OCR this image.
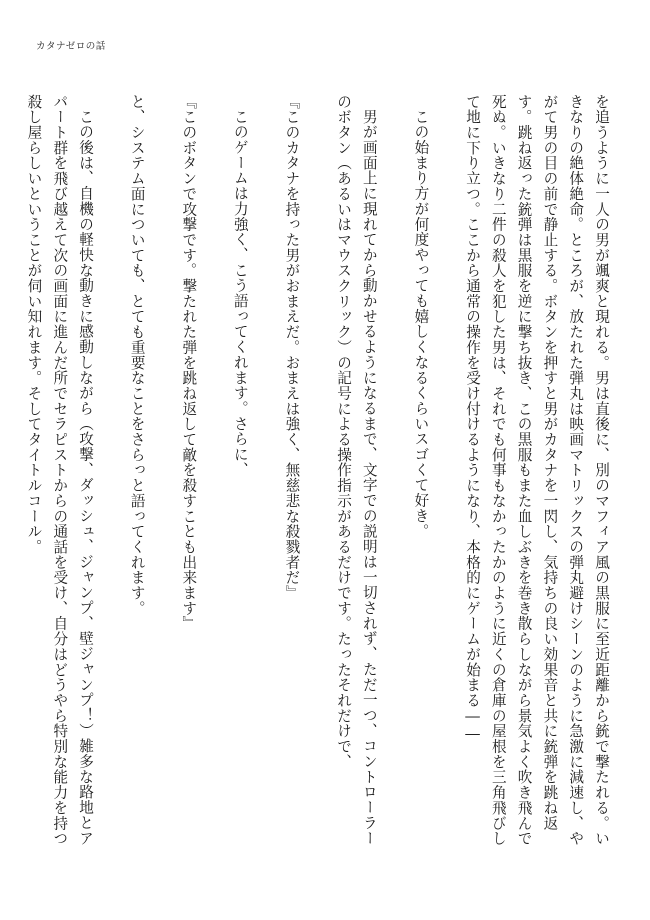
カタナゼロの話

を追うように一人の男が颯爽と現れる。男は直後に、別のマフィア風の黒服に至近距離から銃で撃たれる。いきなりの絶体絶命。ところが、放たれた弾丸は映画マトリックスの弾丸避けシーンのように急激に減速し、やがて男の目の前で静止する。ボタンを押すと男がカタナを一閃し、気持ちの良い効果音と共に銃弾を跳ね返す。跳ね返った銃弾は黒服を逆に撃ち抜き、この黒服もまた血しぶきを巻き散らしながら景気よく吹き飛んで死ぬ。いきなり二件の殺人を犯した男は、それでも何事もなかったかのように近くの倉庫の屋根を三角飛びして地に下り立つ。ここから通常の操作を受け付けるようになり、本格的にゲームが始まる――

この始まり方が何度やっても嬉しくなるくらいスゴくて好き。

男が画面上に現れてから動かせるようになるまで、文字での説明は一切されず、ただ一つ、コントローラーのボタン（あるいはマウスクリック）の記号による操作指示があるだけです。たったそれだけで、

『このカタナを持った男がおまえだ。おまえは強く、無慈悲な殺戮者だ』

このゲームは力強く、こう語ってくれます。さらに、

『このボタンで攻撃です。撃たれた弾を跳ね返して敵を殺すことも出来ます』

と、システム面についても、とても重要なことをさらっと語ってくれます。

この後は、自機の軽快な動きに感動しながら（攻撃、ダッシュ、ジャンプ、壁ジャンプ！）雑多な路地とアパート群を飛び越えて次の画面に進んだ所でセラピストからの通話を受け、自分はどうやら特別な能力を持つ殺し屋らしいということが伺い知れます。そしてタイトルコール。
